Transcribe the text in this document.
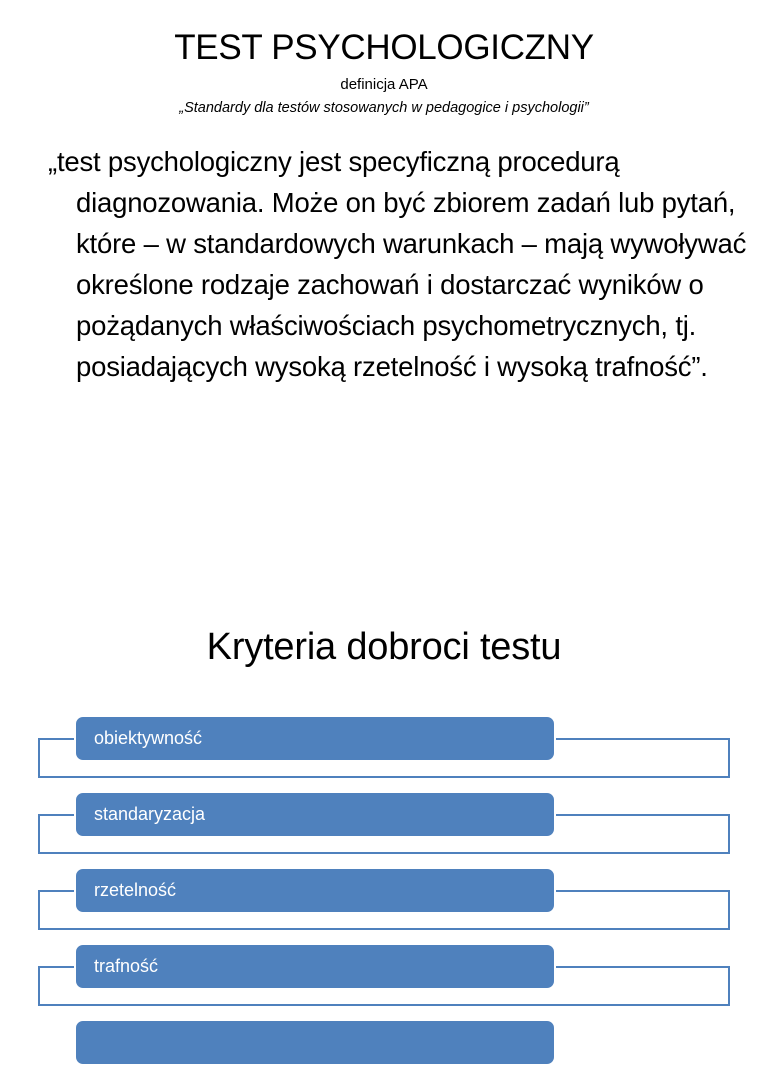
TEST PSYCHOLOGICZNY
definicja APA
„Standardy dla testów stosowanych w pedagogice i psychologii”
„test psychologiczny jest specyficzną procedurą diagnozowania. Może on być zbiorem zadań lub pytań, które – w standardowych warunkach – mają wywoływać określone rodzaje zachowań i dostarczać wyników o pożądanych właściwościach psychometrycznych, tj. posiadających wysoką rzetelność i wysoką trafność”.
Kryteria dobroci testu
obiektywność
standaryzacja
rzetelność
trafność
